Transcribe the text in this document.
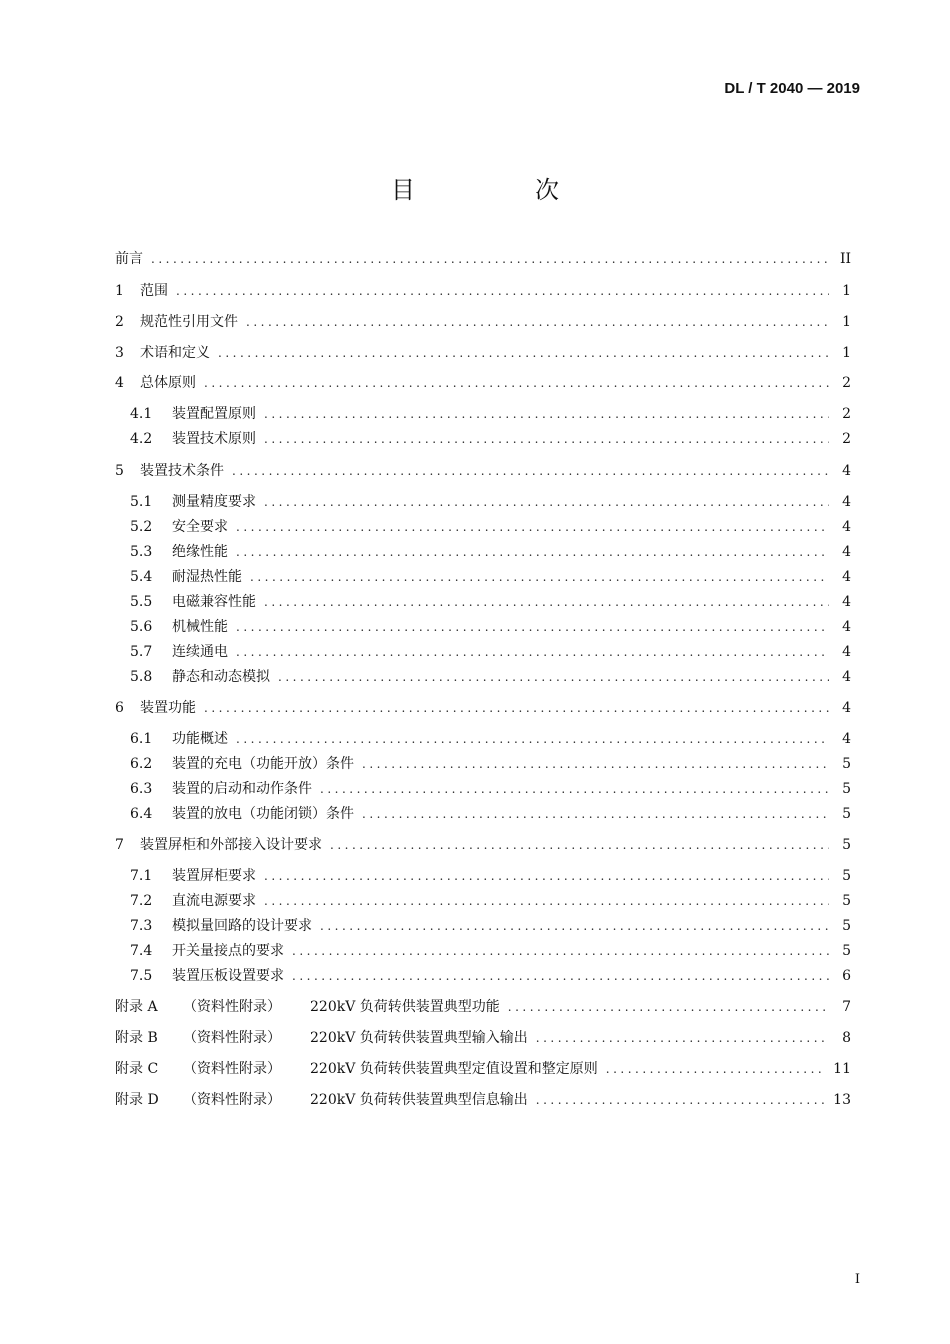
DL / T 2040 — 2019
目　次
前言 .....	II
1	范围 .....	1
2	规范性引用文件 .....	1
3	术语和定义 .....	1
4	总体原则 .....	2
4.1	装置配置原则 .....	2
4.2	装置技术原则 .....	2
5	装置技术条件 .....	4
5.1	测量精度要求 .....	4
5.2	安全要求 .....	4
5.3	绝缘性能 .....	4
5.4	耐湿热性能 .....	4
5.5	电磁兼容性能 .....	4
5.6	机械性能 .....	4
5.7	连续通电 .....	4
5.8	静态和动态模拟 .....	4
6	装置功能 .....	4
6.1	功能概述 .....	4
6.2	装置的充电（功能开放）条件 .....	5
6.3	装置的启动和动作条件 .....	5
6.4	装置的放电（功能闭锁）条件 .....	5
7	装置屏柜和外部接入设计要求 .....	5
7.1	装置屏柜要求 .....	5
7.2	直流电源要求 .....	5
7.3	模拟量回路的设计要求 .....	5
7.4	开关量接点的要求 .....	5
7.5	装置压板设置要求 .....	6
附录 A	（资料性附录）	220kV 负荷转供装置典型功能 .....	7
附录 B	（资料性附录）	220kV 负荷转供装置典型输入输出 .....	8
附录 C	（资料性附录）	220kV 负荷转供装置典型定值设置和整定原则 .....	11
附录 D	（资料性附录）	220kV 负荷转供装置典型信息输出 .....	13
I
